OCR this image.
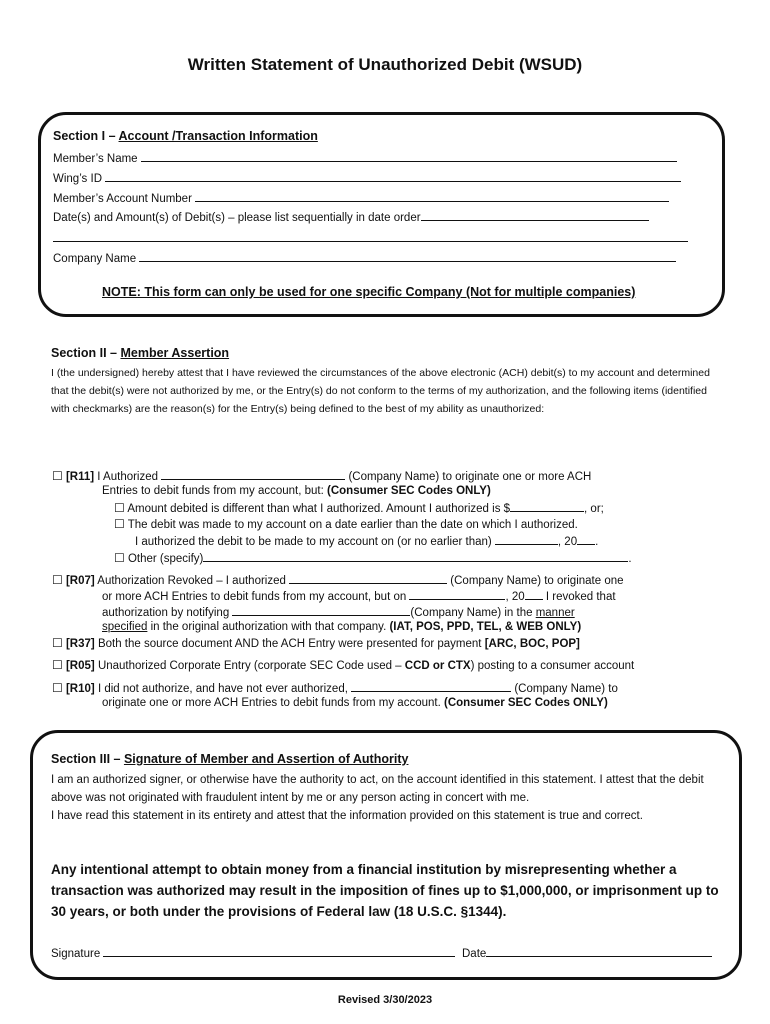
Written Statement of Unauthorized Debit (WSUD)
Section I – Account /Transaction Information
Member’s Name
Wing’s ID
Member’s Account Number
Date(s) and Amount(s) of Debit(s) – please list sequentially in date order
Company Name
NOTE: This form can only be used for one specific Company (Not for multiple companies)
Section II – Member Assertion
I (the undersigned) hereby attest that I have reviewed the circumstances of the above electronic (ACH) debit(s) to my account and determined that the debit(s) were not authorized by me, or the Entry(s) do not conform to the terms of my authorization, and the following items (identified with checkmarks) are the reason(s) for the Entry(s) being defined to the best of my ability as unauthorized:
☐ [R11] I Authorized	(Company Name) to originate one or more ACH
Entries to debit funds from my account, but: (Consumer SEC Codes ONLY)
☐ Amount debited is different than what I authorized. Amount I authorized is $	, or;
☐ The debit was made to my account on a date earlier than the date on which I authorized.
I authorized the debit to be made to my account on (or no earlier than)	, 20 .
☐ Other (specify)	.
☐ [R07] Authorization Revoked – I authorized	(Company Name) to originate one
or more ACH Entries to debit funds from my account, but on	, 20 I revoked that
authorization by notifying	(Company Name) in the manner
specified in the original authorization with that company. (IAT, POS, PPD, TEL, & WEB ONLY)
☐ [R37] Both the source document AND the ACH Entry were presented for payment [ARC, BOC, POP]
☐ [R05] Unauthorized Corporate Entry (corporate SEC Code used – CCD or CTX) posting to a consumer account
☐ [R10] I did not authorize, and have not ever authorized,	(Company Name) to
originate one or more ACH Entries to debit funds from my account. (Consumer SEC Codes ONLY)
Section III – Signature of Member and Assertion of Authority
I am an authorized signer, or otherwise have the authority to act, on the account identified in this statement. I attest that the debit above was not originated with fraudulent intent by me or any person acting in concert with me.
I have read this statement in its entirety and attest that the information provided on this statement is true and correct.
Any intentional attempt to obtain money from a financial institution by misrepresenting whether a transaction was authorized may result in the imposition of fines up to $1,000,000, or imprisonment up to 30 years, or both under the provisions of Federal law (18 U.S.C. §1344).
Signature	Date
Revised 3/30/2023
